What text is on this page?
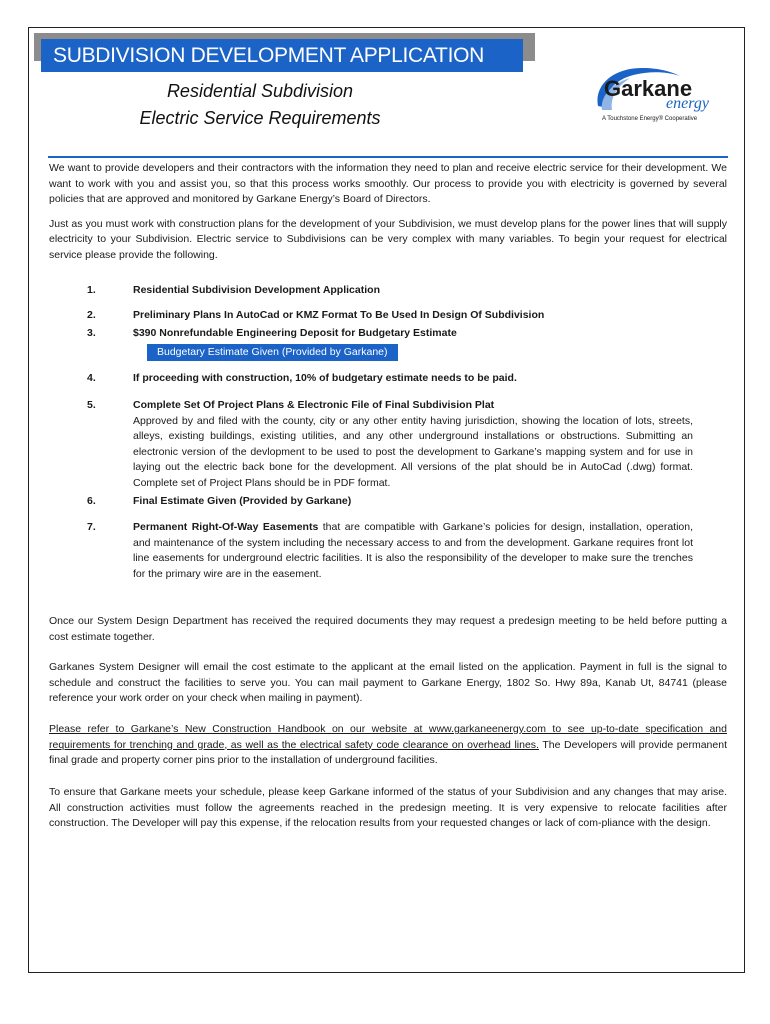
SUBDIVISION DEVELOPMENT APPLICATION
Residential Subdivision
Electric Service Requirements
Garkane
energy
A Touchstone Energy® Cooperative

We want to provide developers and their contractors with the information they need to plan and receive electric service for their development. We want to work with you and assist you, so that this process works smoothly. Our process to provide you with electricity is governed by several policies that are approved and monitored by Garkane Energy’s Board of Directors.

Just as you must work with construction plans for the development of your Subdivision, we must develop plans for the power lines that will supply electricity to your Subdivision. Electric service to Subdivisions can be very complex with many variables. To begin your request for electrical service please provide the following.

1.	Residential Subdivision Development Application
2.	Preliminary Plans In AutoCad or KMZ Format To Be Used In Design Of Subdivision
3.	$390 Nonrefundable Engineering Deposit for Budgetary Estimate
4.	If proceeding with construction, 10% of budgetary estimate needs to be paid.
5.	Complete Set Of Project Plans & Electronic File of Final Subdivision Plat
Approved by and filed with the county, city or any other entity having jurisdiction, showing the location of lots, streets, alleys, existing buildings, existing utilities, and any other underground installations or obstructions. Submitting an electronic version of the devlopment to be used to post the development to Garkane’s mapping system and for use in laying out the electric back bone for the development. All versions of the plat should be in AutoCad (.dwg) format. Complete set of Project Plans should be in PDF format.
6.	Final Estimate Given (Provided by Garkane)
7.	Permanent Right-Of-Way Easements that are compatible with Garkane’s policies for design, installation, operation, and maintenance of the system including the necessary access to and from the development. Garkane requires front lot line easements for underground electric facilities. It is also the responsibility of the developer to make sure the trenches for the primary wire are in the easement.
Budgetary Estimate Given (Provided by Garkane)
Once our System Design Department has received the required documents they may request a predesign meeting to be held before putting a cost estimate together.
Garkanes System Designer will email the cost estimate to the applicant at the email listed on the application. Payment in full is the signal to schedule and construct the facilities to serve you. You can mail payment to Garkane Energy, 1802 So. Hwy 89a, Kanab Ut, 84741 (please reference your work order on your check when mailing in payment).
Please refer to Garkane’s New Construction Handbook on our website at www.garkaneenergy.com to see up-to-date specification and requirements for trenching and grade, as well as the electrical safety code clearance on overhead lines. The Developers will provide permanent final grade and property corner pins prior to the installation of underground facilities.
To ensure that Garkane meets your schedule, please keep Garkane informed of the status of your Subdivision and any changes that may arise. All construction activities must follow the agreements reached in the predesign meeting. It is very expensive to relocate facilities after construction. The Developer will pay this expense, if the relocation results from your requested changes or lack of com-pliance with the design.
